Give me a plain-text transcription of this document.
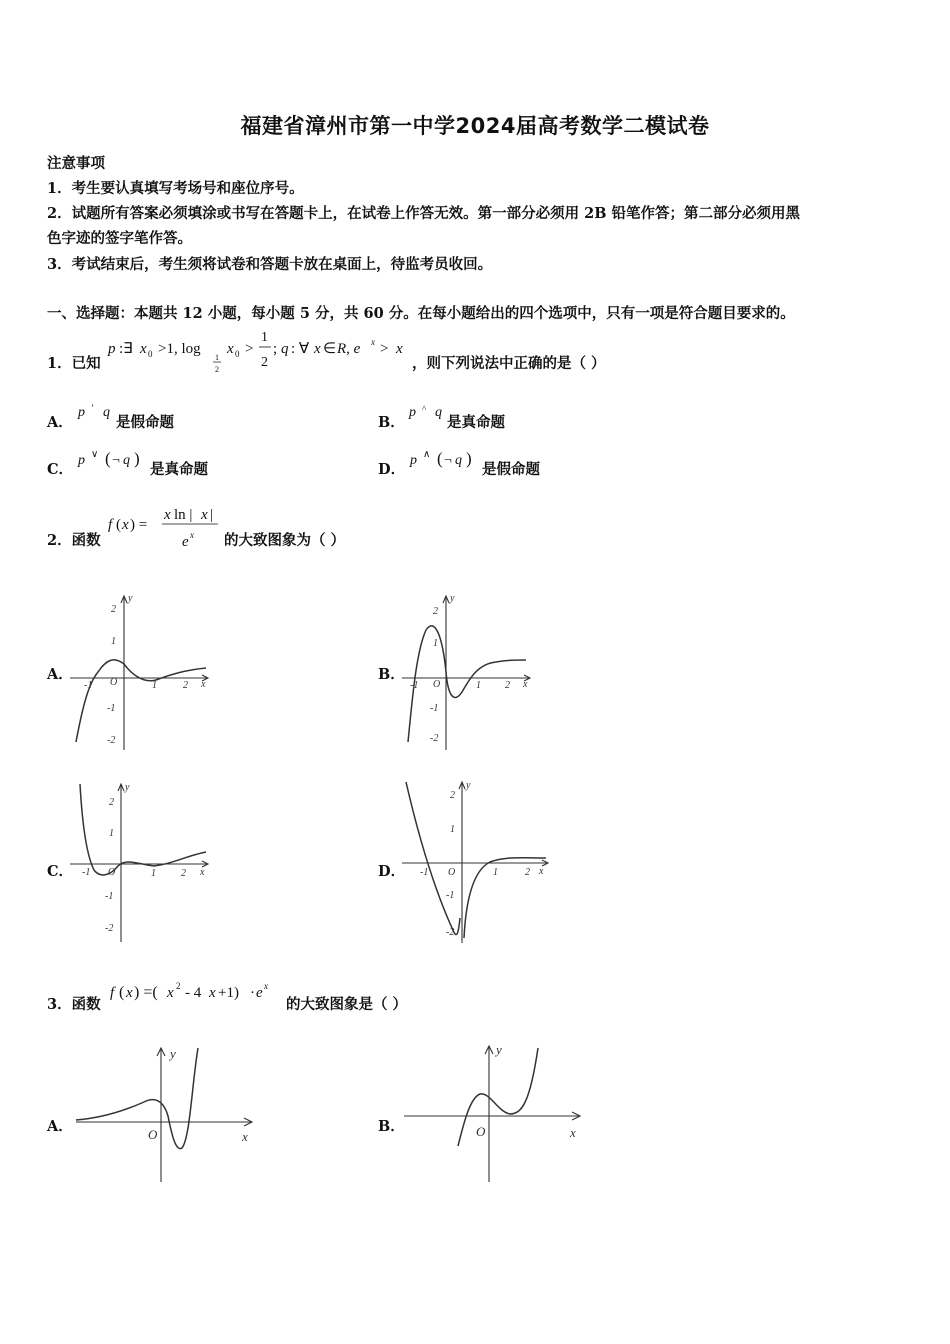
福建省漳州市第一中学2024届高考数学二模试卷
注意事项
1．考生要认真填写考场号和座位序号。
2．试题所有答案必须填涂或书写在答题卡上，在试卷上作答无效。第一部分必须用 2B 铅笔作答；第二部分必须用黑
色字迹的签字笔作答。
3．考试结束后，考生须将试卷和答题卡放在桌面上，待监考员收回。
一、选择题：本题共 12 小题，每小题 5 分，共 60 分。在每小题给出的四个选项中，只有一项是符合题目要求的。
1．已知
p :∃ x 0 >1, log
1
2
x 0 >
1
2
; q : ∀ x ∈ R, e x > x
，则下列说法中正确的是（ ）
A．
p ʼ q
是假命题	B．
p ^ q
是真命题
C．
p ∨ ( ¬ q )
是真命题	D．
p ∧ ( ¬ q )
是假命题
2．函数
f ( x ) =
x ln | x |
e x 的大致图象为（ ）
A．
y
x
O
2
1
-1
-2
-1	1	2
B．
y
x
O
2
1
-1
-2
-1	1 2
C．
y
x
O
2
1
-1
-2
-1	1	2	D．
y
x
O
2
1
-1
-2
-1	1	2
3．函数
f ( x ) =( x 2 - 4 x +1) · e x
的大致图象是（ ）
A．
y
x
O	B．
y
x
O
